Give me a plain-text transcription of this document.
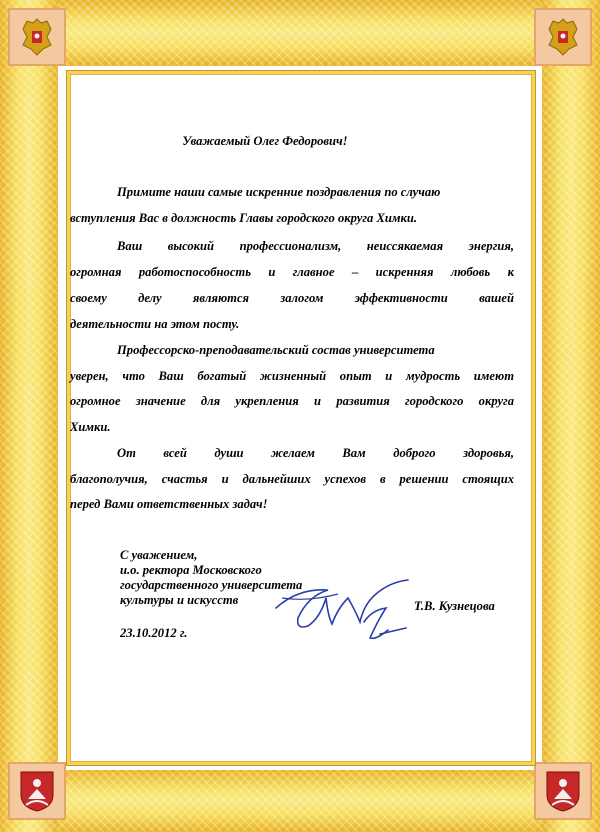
Уважаемый Олег Федорович!
Примите наши самые искренние поздравления по случаю
вступления Вас в должность Главы городского округа Химки.
Ваш высокий профессионализм, неиссякаемая энергия,
огромная работоспособность и главное – искренняя любовь к
своему делу являются залогом эффективности вашей
деятельности на этом посту.
Профессорско-преподавательский состав университета
уверен, что Ваш богатый жизненный опыт и мудрость имеют
огромное значение для укрепления и развития городского округа
Химки.
От всей души желаем Вам доброго здоровья,
благополучия, счастья и дальнейших успехов в решении стоящих
перед Вами ответственных задач!
С уважением,
и.о. ректора Московского
государственного университета
культуры и искусств	Т.В. Кузнецова
23.10.2012 г.
